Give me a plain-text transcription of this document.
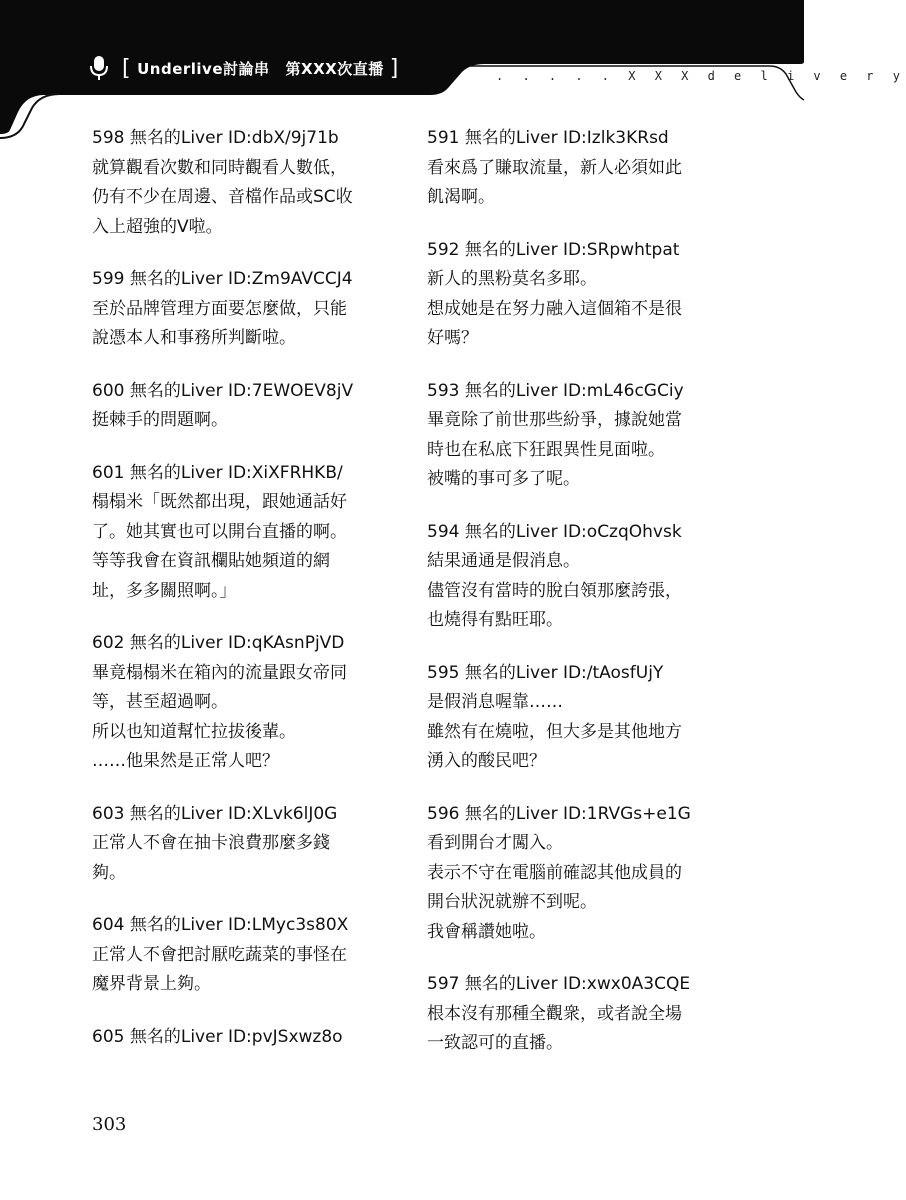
[ Underlive討論串 第XXX次直播 ]	. . . . . X X X d e l i v e r y
598 無名的Liver ID:dbX/9j71b
就算觀看次數和同時觀看人數低，
仍有不少在周邊、音檔作品或SC收
入上超強的V啦。
599 無名的Liver ID:Zm9AVCCJ4
至於品牌管理方面要怎麼做，只能
說憑本人和事務所判斷啦。
600 無名的Liver ID:7EWOEV8jV
挺棘手的問題啊。
601 無名的Liver ID:XiXFRHKB/
榻榻米「既然都出現，跟她通話好
了。她其實也可以開台直播的啊。
等等我會在資訊欄貼她頻道的網
址，多多關照啊。」
602 無名的Liver ID:qKAsnPjVD
畢竟榻榻米在箱內的流量跟女帝同
等，甚至超過啊。
所以也知道幫忙拉拔後輩。
……他果然是正常人吧？
603 無名的Liver ID:XLvk6lJ0G
正常人不會在抽卡浪費那麼多錢
夠。
604 無名的Liver ID:LMyc3s80X
正常人不會把討厭吃蔬菜的事怪在
魔界背景上夠。
605 無名的Liver ID:pvJSxwz8o
591 無名的Liver ID:Izlk3KRsd
看來爲了賺取流量，新人必須如此
飢渴啊。
592 無名的Liver ID:SRpwhtpat
新人的黑粉莫名多耶。
想成她是在努力融入這個箱不是很
好嗎？
593 無名的Liver ID:mL46cGCiy
畢竟除了前世那些紛爭，據說她當
時也在私底下狂跟異性見面啦。
被嘴的事可多了呢。
594 無名的Liver ID:oCzqOhvsk
結果通通是假消息。
儘管沒有當時的脫白領那麼誇張，
也燒得有點旺耶。
595 無名的Liver ID:/tAosfUjY
是假消息喔靠……
雖然有在燒啦，但大多是其他地方
湧入的酸民吧？
596 無名的Liver ID:1RVGs+e1G
看到開台才闖入。
表示不守在電腦前確認其他成員的
開台狀況就辦不到呢。
我會稱讚她啦。
597 無名的Liver ID:xwx0A3CQE
根本沒有那種全觀衆，或者說全場
一致認可的直播。
303
